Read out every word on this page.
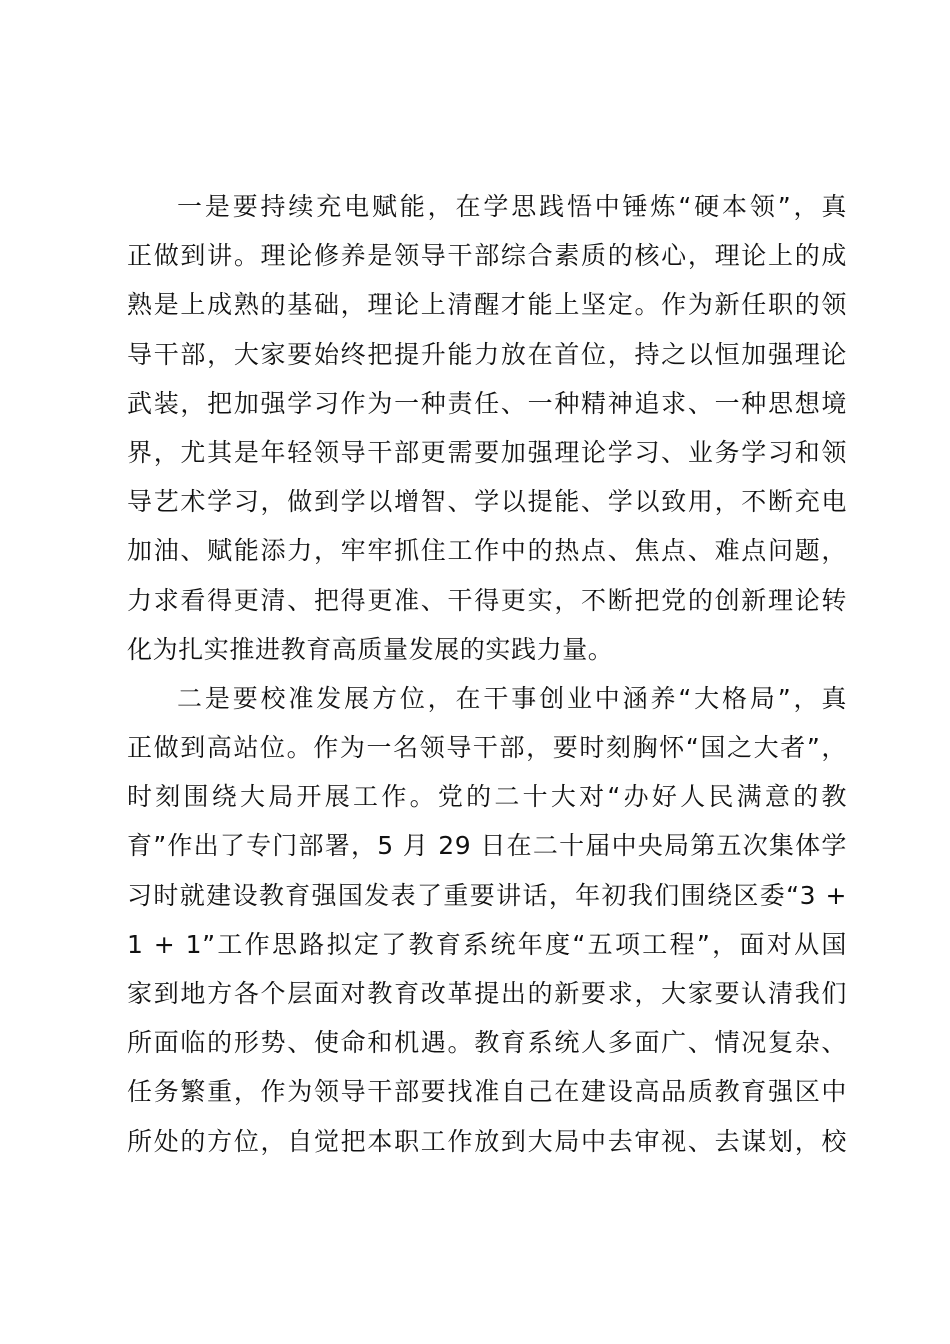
一是要持续充电赋能，在学思践悟中锤炼“硬本领”，真
正做到讲。理论修养是领导干部综合素质的核心，理论上的成
熟是上成熟的基础，理论上清醒才能上坚定。作为新任职的领
导干部，大家要始终把提升能力放在首位，持之以恒加强理论
武装，把加强学习作为一种责任、一种精神追求、一种思想境
界，尤其是年轻领导干部更需要加强理论学习、业务学习和领
导艺术学习，做到学以增智、学以提能、学以致用，不断充电
加油、赋能添力，牢牢抓住工作中的热点、焦点、难点问题，
力求看得更清、把得更准、干得更实，不断把党的创新理论转
化为扎实推进教育高质量发展的实践力量。
二是要校准发展方位，在干事创业中涵养“大格局”，真
正做到高站位。作为一名领导干部，要时刻胸怀“国之大者”，
时刻围绕大局开展工作。党的二十大对“办好人民满意的教
育”作出了专门部署，5 月 29 日在二十届中央局第五次集体学
习时就建设教育强国发表了重要讲话，年初我们围绕区委“3 +
1 + 1”工作思路拟定了教育系统年度“五项工程”，面对从国
家到地方各个层面对教育改革提出的新要求，大家要认清我们
所面临的形势、使命和机遇。教育系统人多面广、情况复杂、
任务繁重，作为领导干部要找准自己在建设高品质教育强区中
所处的方位，自觉把本职工作放到大局中去审视、去谋划，校
